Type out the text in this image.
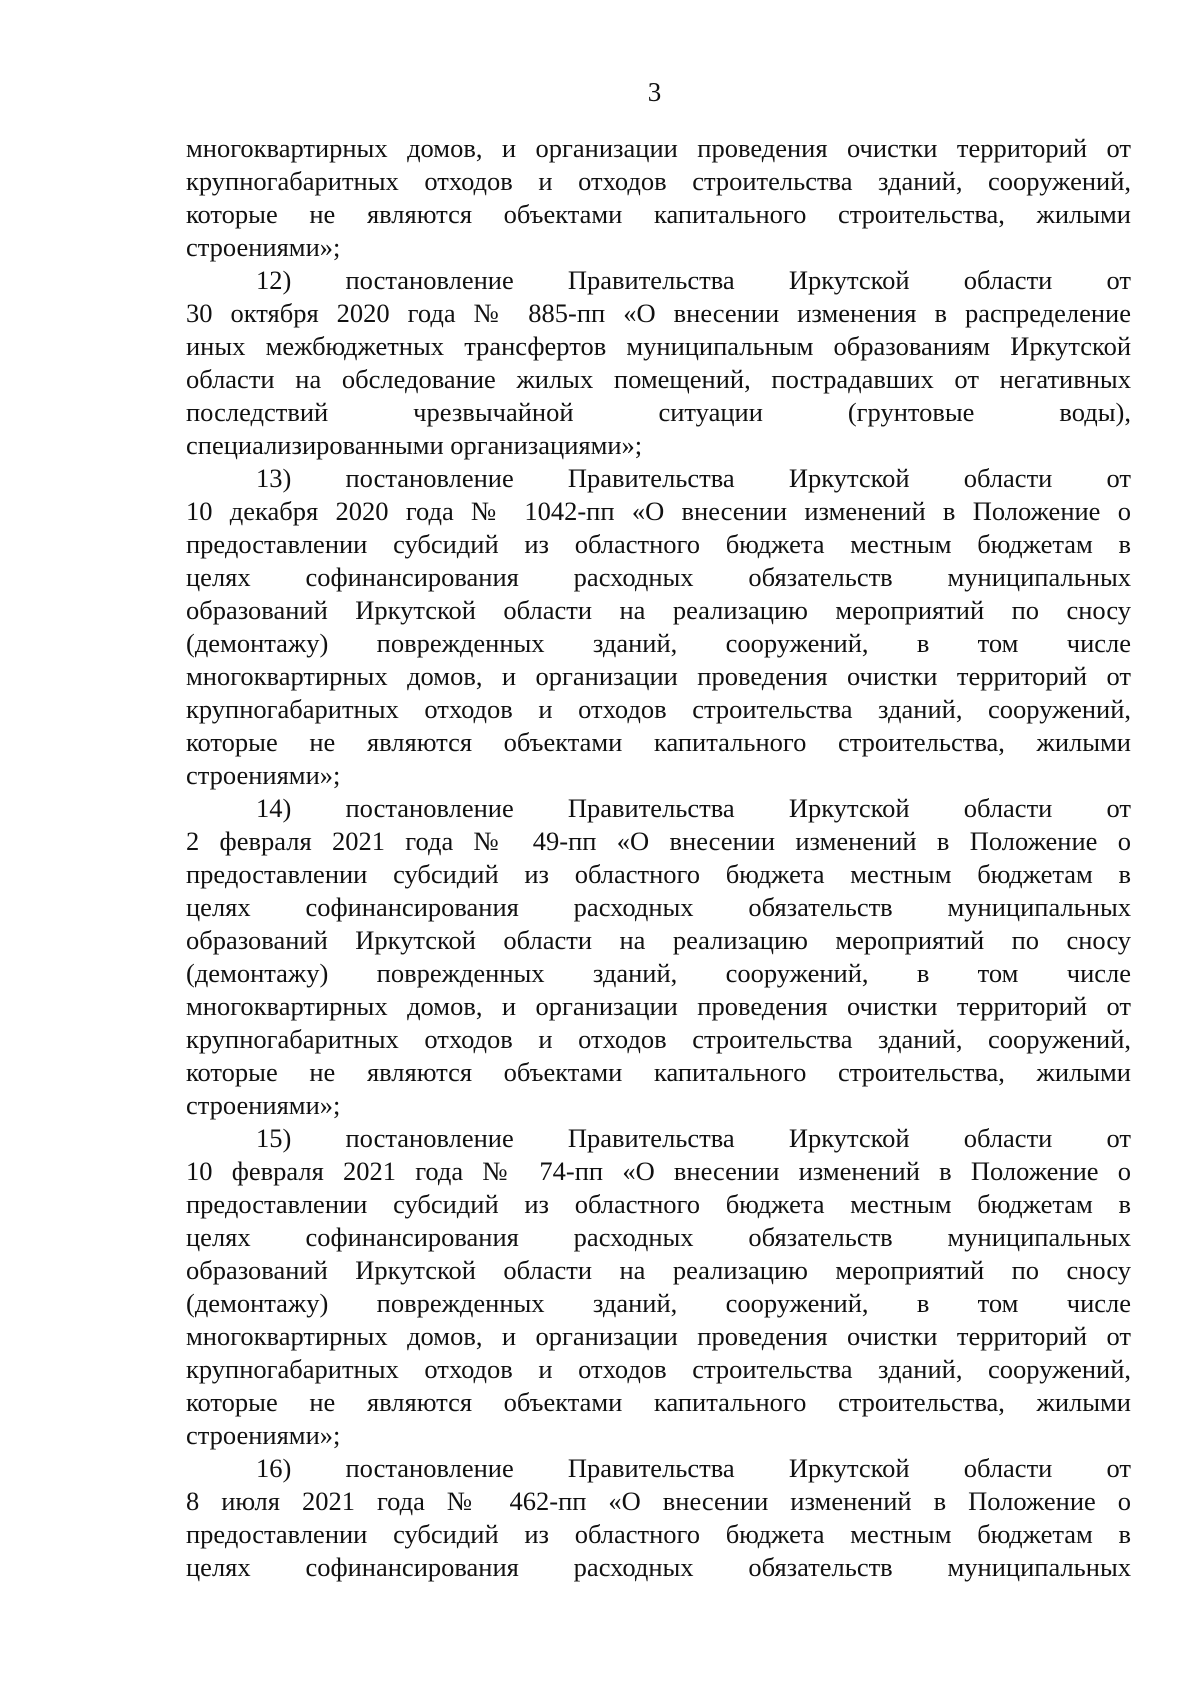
3
многоквартирных домов, и организации проведения очистки территорий от
крупногабаритных отходов и отходов строительства зданий, сооружений,
которые не являются объектами капитального строительства, жилыми
строениями»;
12) постановление Правительства Иркутской области от
30 октября 2020 года № 885-пп «О внесении изменения в распределение
иных межбюджетных трансфертов муниципальным образованиям Иркутской
области на обследование жилых помещений, пострадавших от негативных
последствий чрезвычайной ситуации (грунтовые воды),
специализированными организациями»;
13) постановление Правительства Иркутской области от
10 декабря 2020 года № 1042-пп «О внесении изменений в Положение о
предоставлении субсидий из областного бюджета местным бюджетам в
целях софинансирования расходных обязательств муниципальных
образований Иркутской области на реализацию мероприятий по сносу
(демонтажу) поврежденных зданий, сооружений, в том числе
многоквартирных домов, и организации проведения очистки территорий от
крупногабаритных отходов и отходов строительства зданий, сооружений,
которые не являются объектами капитального строительства, жилыми
строениями»;
14) постановление Правительства Иркутской области от
2 февраля 2021 года № 49-пп «О внесении изменений в Положение о
предоставлении субсидий из областного бюджета местным бюджетам в
целях софинансирования расходных обязательств муниципальных
образований Иркутской области на реализацию мероприятий по сносу
(демонтажу) поврежденных зданий, сооружений, в том числе
многоквартирных домов, и организации проведения очистки территорий от
крупногабаритных отходов и отходов строительства зданий, сооружений,
которые не являются объектами капитального строительства, жилыми
строениями»;
15) постановление Правительства Иркутской области от
10 февраля 2021 года № 74-пп «О внесении изменений в Положение о
предоставлении субсидий из областного бюджета местным бюджетам в
целях софинансирования расходных обязательств муниципальных
образований Иркутской области на реализацию мероприятий по сносу
(демонтажу) поврежденных зданий, сооружений, в том числе
многоквартирных домов, и организации проведения очистки территорий от
крупногабаритных отходов и отходов строительства зданий, сооружений,
которые не являются объектами капитального строительства, жилыми
строениями»;
16) постановление Правительства Иркутской области от
8 июля 2021 года № 462-пп «О внесении изменений в Положение о
предоставлении субсидий из областного бюджета местным бюджетам в
целях софинансирования расходных обязательств муниципальных
